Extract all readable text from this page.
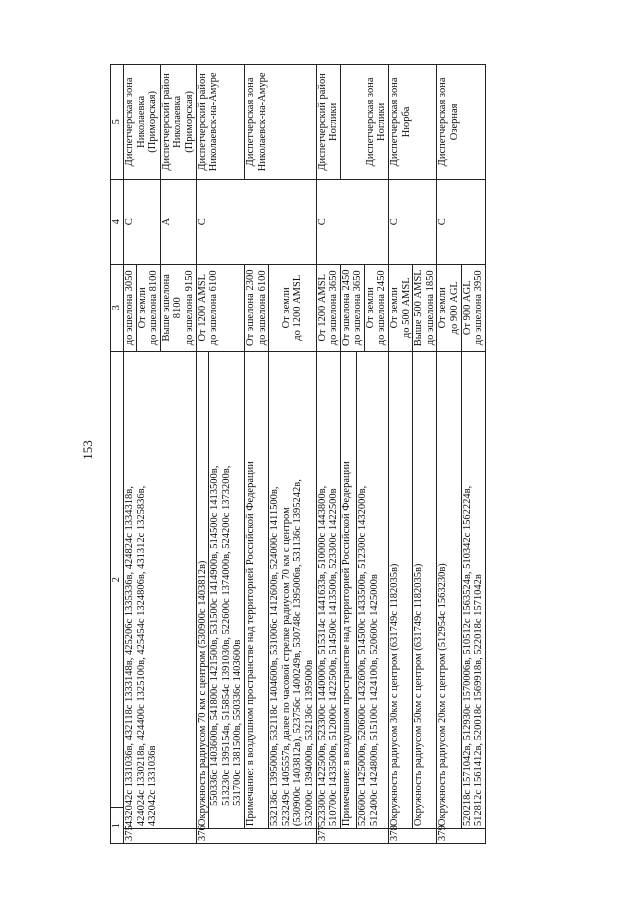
153
1		2	3	4	5
375	432042с 1331036в, 432118с 1333148в, 425206с 1335336в, 424824с 1334318в, 424024с 1330218в, 424400с 1325100в, 425454с 1324806в, 431312с 1325836в, 432042с 1331036в		до эшелона 3050	С	Диспетчерская зона Николаевка (Приморская)

			От земли до эшелона 8100		

			Выше эшелона 8100 до эшелона 9150	А	Диспетчерский район Николаевка (Приморская)

376	Окружность радиусом 70 км с центром (530900с 1403812в)		От 1200 AMSL до эшелона 6100	С	Диспетчерский район Николаевск-на-Амуре

		550336с 1403600в, 541800с 1421500в, 531500с 1414900в, 514500с 1413500в, 513230с 1395154в, 515854с 1391030в, 522600с 1374000в, 524200с 1373200в, 531700с 1381500в, 550336с 1403600в			

	Примечание: в воздушном пространстве над территорией Российской Федерации		От эшелона 2300 до эшелона 6100		Диспетчерская зона Николаевск-на-Амуре

	532136с 1395000в, 532118с 1404600в, 531006с 1412600в, 524000с 1411500в, 523249с 1405557в, далее по часовой стрелке радиусом 70 км с центром (530900с 1403812в), 523756с 1400249в, 530748с 1395006в, 531136с 1395242в, 532000с 1394000в, 532136с 1395000в		От земли до 1200 AMSL		

377	523300с 1422500в, 523300с 1440000в, 515314с 1441633в, 510000с 1443800в, 510700с 1433500в, 512000с 1422500в, 514500с 1413500в, 523300с 1422500в		От 1200 AMSL до эшелона 3650	С	Диспетчерский район Ноглики

	Примечание: в воздушном пространстве над территорией Российской Федерации		От эшелона 2450 до эшелона 3650 От земли до эшелона 2450		Диспетчерская зона Ноглики

	520600с 1425000в, 520600с 1432600в, 514500с 1433500в, 512300с 1432000в, 512400с 1424800в, 515100с 1424100в, 520600с 1425000в				

378	Окружность радиусом 30км с центром (631749с 1182035в)		От земли до 500 AMSL	С	Диспетчерская зона Нюрба

	Окружность радиусом 50км с центром (631749с 1182035в)		Выше 500 AMSL до эшелона 1850		

379	Окружность радиусом 20км с центром (512954с 1563230в)		От земли до 900 AGL	С	Диспетчерская зона Озерная

	520218с 1571042в, 512930с 1570006в, 510512с 1563524в, 510342с 1562224в, 512812с 1561412в, 520018с 1569918в, 522018с 1571042в		От 900 AGL до эшелона 3950		
